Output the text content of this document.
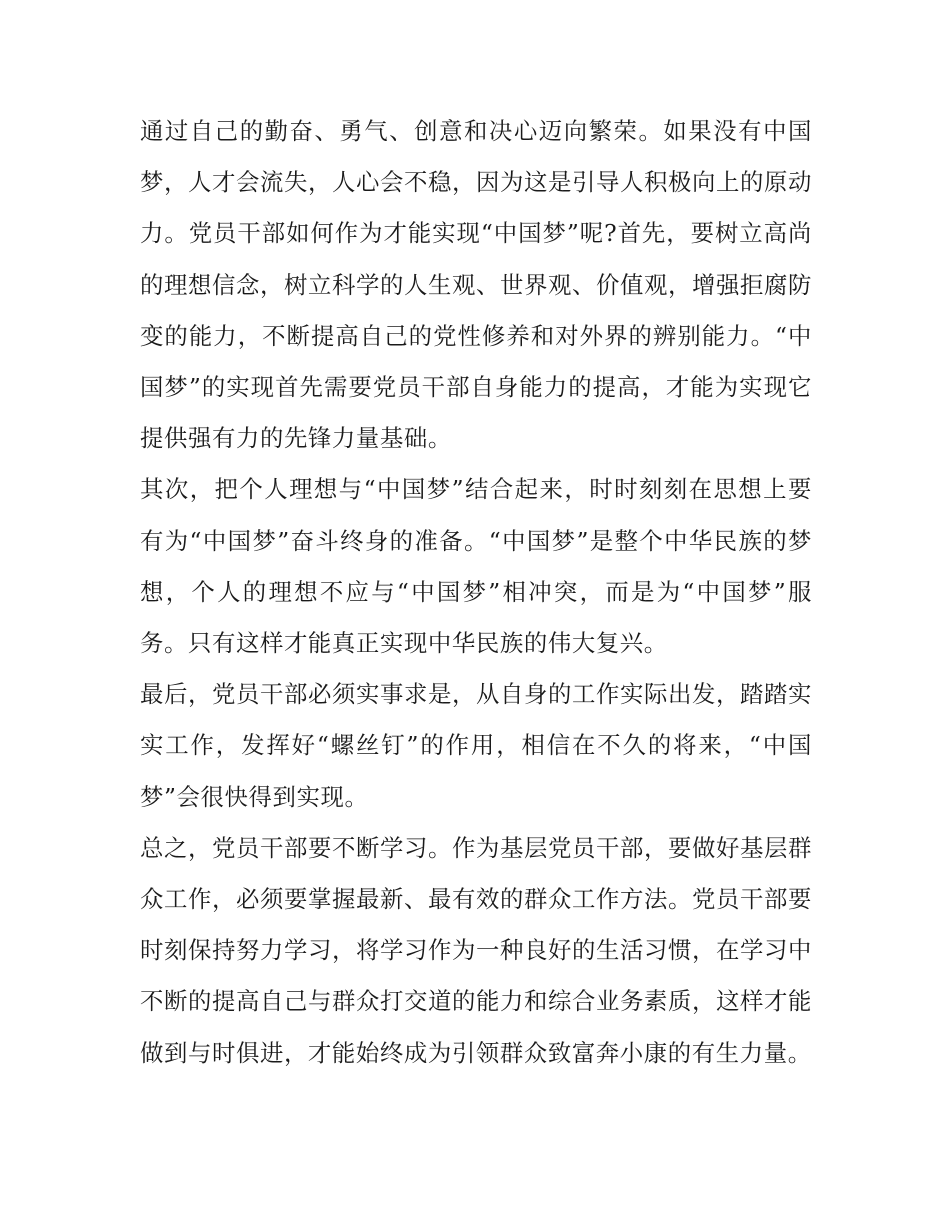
通过自己的勤奋、勇气、创意和决心迈向繁荣。如果没有中国梦，人才会流失，人心会不稳，因为这是引导人积极向上的原动力。党员干部如何作为才能实现“中国梦”呢?首先，要树立高尚的理想信念，树立科学的人生观、世界观、价值观，增强拒腐防变的能力，不断提高自己的党性修养和对外界的辨别能力。“中国梦”的实现首先需要党员干部自身能力的提高，才能为实现它提供强有力的先锋力量基础。

其次，把个人理想与“中国梦”结合起来，时时刻刻在思想上要有为“中国梦”奋斗终身的准备。“中国梦”是整个中华民族的梦想，个人的理想不应与“中国梦”相冲突，而是为“中国梦”服务。只有这样才能真正实现中华民族的伟大复兴。

最后，党员干部必须实事求是，从自身的工作实际出发，踏踏实实工作，发挥好“螺丝钉”的作用，相信在不久的将来，“中国梦”会很快得到实现。

总之，党员干部要不断学习。作为基层党员干部，要做好基层群众工作，必须要掌握最新、最有效的群众工作方法。党员干部要时刻保持努力学习，将学习作为一种良好的生活习惯，在学习中不断的提高自己与群众打交道的能力和综合业务素质，这样才能做到与时俱进，才能始终成为引领群众致富奔小康的有生力量。
